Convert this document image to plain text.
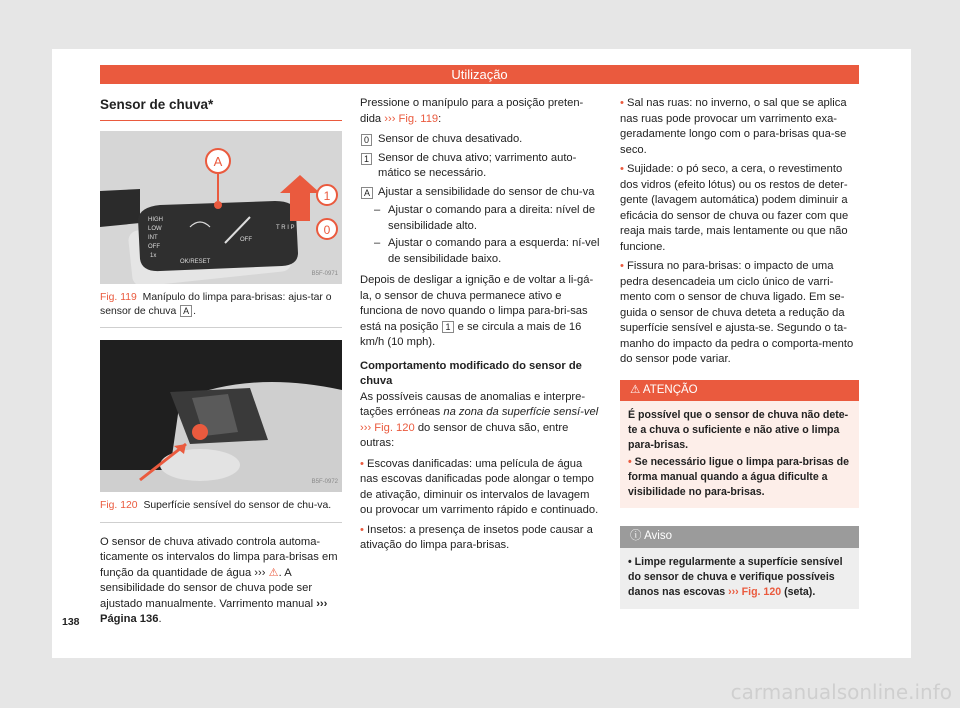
Utilização
Sensor de chuva*
A
1
0
HIGH
LOW
INT
OFF
1x
OK/RESET
OFF
T R I P
B5F-0971
Fig. 119 Manípulo do limpa para-brisas: ajus-tar o sensor de chuva A .
B5F-0972
Fig. 120 Superfície sensível do sensor de chu-va.

O sensor de chuva ativado controla automa-ticamente os intervalos do limpa para-brisas em função da quantidade de água ››› ⚠. A sensibilidade do sensor de chuva pode ser ajustado manualmente. Varrimento manual ››› Página 136.

Pressione o manípulo para a posição preten-dida ››› Fig. 119:

0 Sensor de chuva desativado.
1 Sensor de chuva ativo; varrimento auto-mático se necessário.
A Ajustar a sensibilidade do sensor de chu-va
– Ajustar o comando para a direita: nível de sensibilidade alto.
– Ajustar o comando para a esquerda: ní-vel de sensibilidade baixo.

Depois de desligar a ignição e de voltar a li-gá-la, o sensor de chuva permanece ativo e funciona de novo quando o limpa para-bri-sas está na posição 1 e se circula a mais de 16 km/h (10 mph).

Comportamento modificado do sensor de chuva

As possíveis causas de anomalias e interpre-tações erróneas na zona da superfície sensí-vel ››› Fig. 120 do sensor de chuva são, entre outras:

• Escovas danificadas: uma película de água nas escovas danificadas pode alongar o tempo de ativação, diminuir os intervalos de lavagem ou provocar um varrimento rápido e continuado.
• Insetos: a presença de insetos pode causar a ativação do limpa para-brisas.
• Sal nas ruas: no inverno, o sal que se aplica nas ruas pode provocar um varrimento exa-geradamente longo com o para-brisas qua-se seco.
• Sujidade: o pó seco, a cera, o revestimento dos vidros (efeito lótus) ou os restos de deter-gente (lavagem automática) podem diminuir a eficácia do sensor de chuva ou fazer com que reaja mais tarde, mais lentamente ou que não funcione.
• Fissura no para-brisas: o impacto de uma pedra desencadeia um ciclo único de varri-mento com o sensor de chuva ligado. Em se-guida o sensor de chuva deteta a redução da superfície sensível e ajusta-se. Segundo o ta-manho do impacto da pedra o comporta-mento do sensor pode variar.
⚠ ATENÇÃO
É possível que o sensor de chuva não dete-te a chuva o suficiente e não ative o limpa para-brisas.
• Se necessário ligue o limpa para-brisas de forma manual quando a água dificulte a visibilidade no para-brisas.
ⓘ Aviso
• Limpe regularmente a superfície sensível do sensor de chuva e verifique possíveis danos nas escovas ››› Fig. 120 (seta).
138
carmanualsonline.info
